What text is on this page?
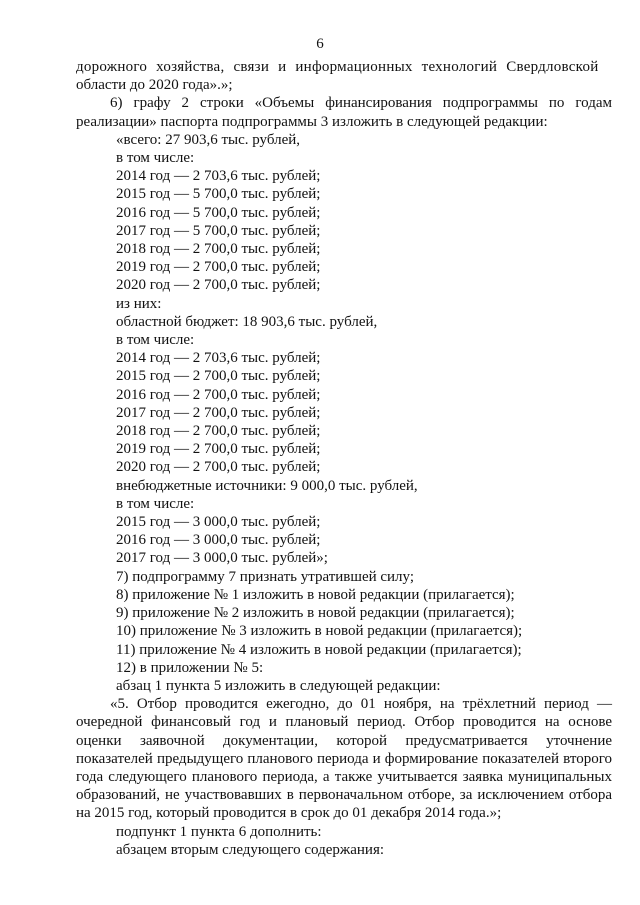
6
дорожного хозяйства, связи и информационных технологий Свердловской
области до 2020 года».»;
6) графу 2 строки «Объемы финансирования подпрограммы по годам реализации» паспорта подпрограммы 3 изложить в следующей редакции:
«всего: 27 903,6 тыс. рублей,
в том числе:
2014 год — 2 703,6 тыс. рублей;
2015 год — 5 700,0 тыс. рублей;
2016 год — 5 700,0 тыс. рублей;
2017 год — 5 700,0 тыс. рублей;
2018 год — 2 700,0 тыс. рублей;
2019 год — 2 700,0 тыс. рублей;
2020 год — 2 700,0 тыс. рублей;
из них:
областной бюджет: 18 903,6 тыс. рублей,
в том числе:
2014 год — 2 703,6 тыс. рублей;
2015 год — 2 700,0 тыс. рублей;
2016 год — 2 700,0 тыс. рублей;
2017 год — 2 700,0 тыс. рублей;
2018 год — 2 700,0 тыс. рублей;
2019 год — 2 700,0 тыс. рублей;
2020 год — 2 700,0 тыс. рублей;
внебюджетные источники: 9 000,0 тыс. рублей,
в том числе:
2015 год — 3 000,0 тыс. рублей;
2016 год — 3 000,0 тыс. рублей;
2017 год — 3 000,0 тыс. рублей»;
7) подпрограмму 7 признать утратившей силу;
8) приложение № 1 изложить в новой редакции (прилагается);
9) приложение № 2 изложить в новой редакции (прилагается);
10) приложение № 3 изложить в новой редакции (прилагается);
11) приложение № 4 изложить в новой редакции (прилагается);
12) в приложении № 5:
абзац 1 пункта 5 изложить в следующей редакции:
«5. Отбор проводится ежегодно, до 01 ноября, на трёхлетний период — очередной финансовый год и плановый период. Отбор проводится на основе оценки заявочной документации, которой предусматривается уточнение показателей предыдущего планового периода и формирование показателей второго года следующего планового периода, а также учитывается заявка муниципальных образований, не участвовавших в первоначальном отборе, за исключением отбора на 2015 год, который проводится в срок до 01 декабря 2014 года.»;
подпункт 1 пункта 6 дополнить:
абзацем вторым следующего содержания:
